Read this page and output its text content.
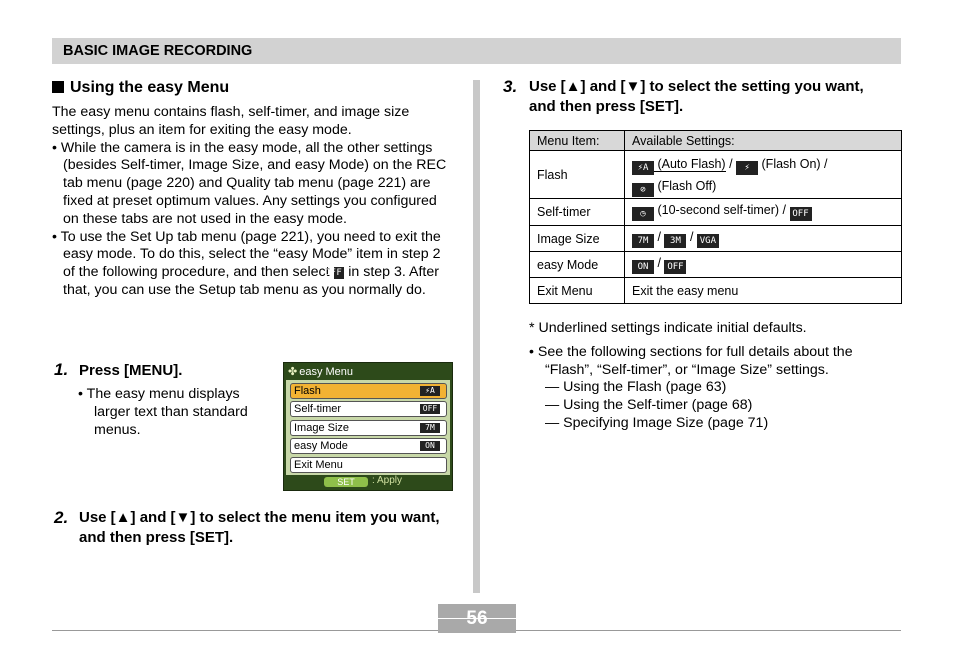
BASIC IMAGE RECORDING
Using the easy Menu

The easy menu contains flash, self-timer, and image size settings, plus an item for exiting the easy mode.

• While the camera is in the easy mode, all the other settings (besides Self-timer, Image Size, and easy Mode) on the REC tab menu (page 220) and Quality tab menu (page 221) are fixed at preset optimum values. Any settings you configured on these tabs are not used in the easy mode.

• To use the Set Up tab menu (page 221), you need to exit the easy mode. To do this, select the “easy Mode” item in step 2 of the following procedure, and then select OFF in step 3. After that, you can use the Setup tab menu as you normally do.

1. Press [MENU].

• The easy menu displays larger text than standard menus.

✤ easy Menu
Flash	⚡A
Self-timer	OFF
Image Size	7M
easy Mode	ON
Exit Menu
SET	: Apply
2. Use [▲] and [▼] to select the menu item you want, and then press [SET].
3. Use [▲] and [▼] to select the setting you want, and then press [SET].
Menu Item:	Available Settings:
Flash	⚡A (Auto Flash) / ⚡ (Flash On) /
⊘ (Flash Off)
Self-timer	◷ (10-second self-timer) / OFF
Image Size	7M / 3M / VGA
easy Mode	ON / OFF
Exit Menu	Exit the easy menu

* Underlined settings indicate initial defaults.

• See the following sections for full details about the “Flash”, “Self-timer”, or “Image Size” settings.

— Using the Flash (page 63)

— Using the Self-timer (page 68)

— Specifying Image Size (page 71)

56
